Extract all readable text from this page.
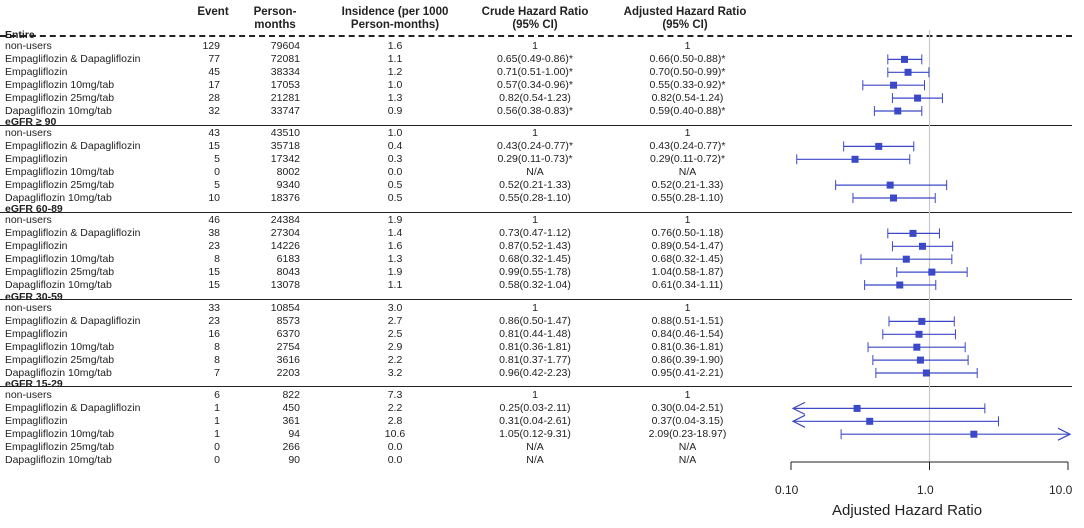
Event	Person-
months
Insidence (per 1000
Person-months)
Crude Hazard Ratio
(95% CI)
Adjusted Hazard Ratio
(95% CI)
Entire
non-users	129	79604	1.6	1	1
Empagliflozin & Dapagliflozin	77	72081	1.1	0.65(0.49-0.86)*	0.66(0.50-0.88)*
Empagliflozin	45	38334	1.2	0.71(0.51-1.00)*	0.70(0.50-0.99)*
Empagliflozin 10mg/tab	17	17053	1.0	0.57(0.34-0.96)*	0.55(0.33-0.92)*
Empagliflozin 25mg/tab	28	21281	1.3	0.82(0.54-1.23)	0.82(0.54-1.24)
Dapagliflozin 10mg/tab	32	33747	0.9	0.56(0.38-0.83)*	0.59(0.40-0.88)*
eGFR ≥ 90
non-users	43	43510	1.0	1	1
Empagliflozin & Dapagliflozin	15	35718	0.4	0.43(0.24-0.77)*	0.43(0.24-0.77)*
Empagliflozin	5	17342	0.3	0.29(0.11-0.73)*	0.29(0.11-0.72)*
Empagliflozin 10mg/tab	0	8002	0.0	N/A	N/A
Empagliflozin 25mg/tab	5	9340	0.5	0.52(0.21-1.33)	0.52(0.21-1.33)
Dapagliflozin 10mg/tab	10	18376	0.5	0.55(0.28-1.10)	0.55(0.28-1.10)
eGFR 60-89
non-users	46	24384	1.9	1	1
Empagliflozin & Dapagliflozin	38	27304	1.4	0.73(0.47-1.12)	0.76(0.50-1.18)
Empagliflozin	23	14226	1.6	0.87(0.52-1.43)	0.89(0.54-1.47)
Empagliflozin 10mg/tab	8	6183	1.3	0.68(0.32-1.45)	0.68(0.32-1.45)
Empagliflozin 25mg/tab	15	8043	1.9	0.99(0.55-1.78)	1.04(0.58-1.87)
Dapagliflozin 10mg/tab	15	13078	1.1	0.58(0.32-1.04)	0.61(0.34-1.11)
eGFR 30-59
non-users	33	10854	3.0	1	1
Empagliflozin & Dapagliflozin	23	8573	2.7	0.86(0.50-1.47)	0.88(0.51-1.51)
Empagliflozin	16	6370	2.5	0.81(0.44-1.48)	0.84(0.46-1.54)
Empagliflozin 10mg/tab	8	2754	2.9	0.81(0.36-1.81)	0.81(0.36-1.81)
Empagliflozin 25mg/tab	8	3616	2.2	0.81(0.37-1.77)	0.86(0.39-1.90)
Dapagliflozin 10mg/tab	7	2203	3.2	0.96(0.42-2.23)	0.95(0.41-2.21)
eGFR 15-29
non-users	6	822	7.3	1	1
Empagliflozin & Dapagliflozin	1	450	2.2	0.25(0.03-2.11)	0.30(0.04-2.51)
Empagliflozin	1	361	2.8	0.31(0.04-2.61)	0.37(0.04-3.15)
Empagliflozin 10mg/tab	1	94	10.6	1.05(0.12-9.31)	2.09(0.23-18.97)
Empagliflozin 25mg/tab	0	266	0.0	N/A	N/A
Dapagliflozin 10mg/tab	0	90	0.0	N/A	N/A
0.10	1.0	10.0
Adjusted Hazard Ratio
